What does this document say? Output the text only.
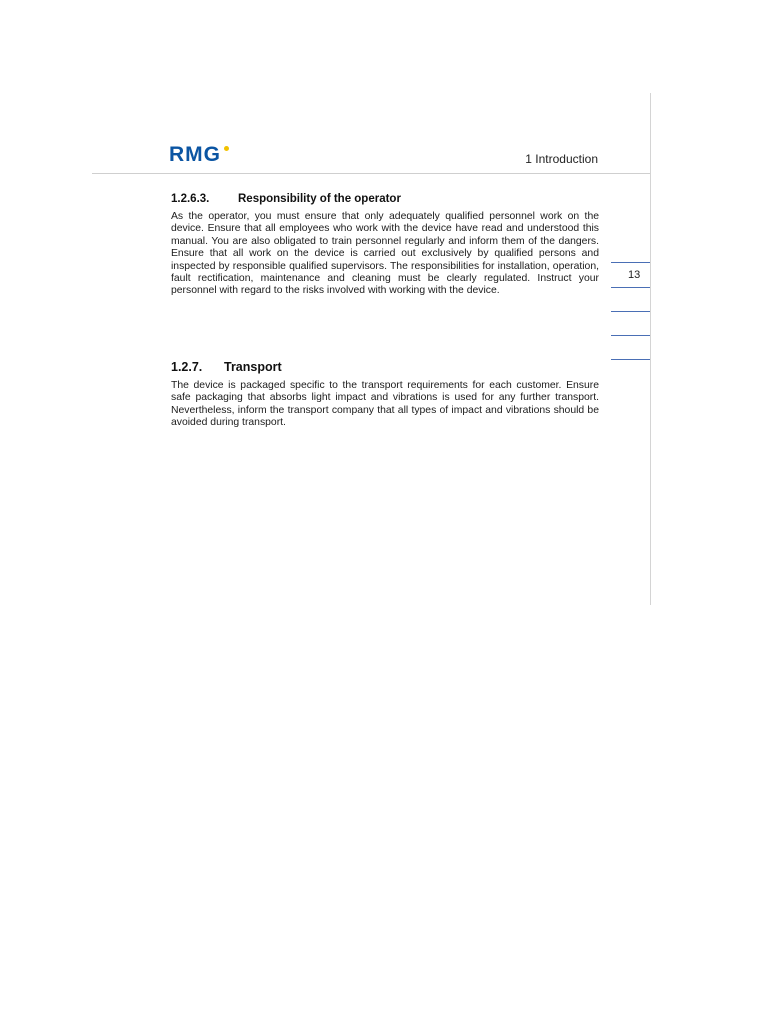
RMG	1 Introduction
1.2.6.3.	Responsibility of the operator
As the operator, you must ensure that only adequately qualified personnel work on the device. Ensure that all employees who work with the device have read and understood this manual. You are also obligated to train personnel regularly and inform them of the dangers. Ensure that all work on the device is carried out exclusively by qualified persons and inspected by responsible qualified supervisors. The responsibilities for installation, operation, fault rectification, maintenance and cleaning must be clearly regulated. Instruct your personnel with regard to the risks involved with working with the device.
1.2.7.	Transport
The device is packaged specific to the transport requirements for each customer. Ensure safe packaging that absorbs light impact and vibrations is used for any further transport. Nevertheless, inform the transport company that all types of impact and vibrations should be avoided during transport.
13
